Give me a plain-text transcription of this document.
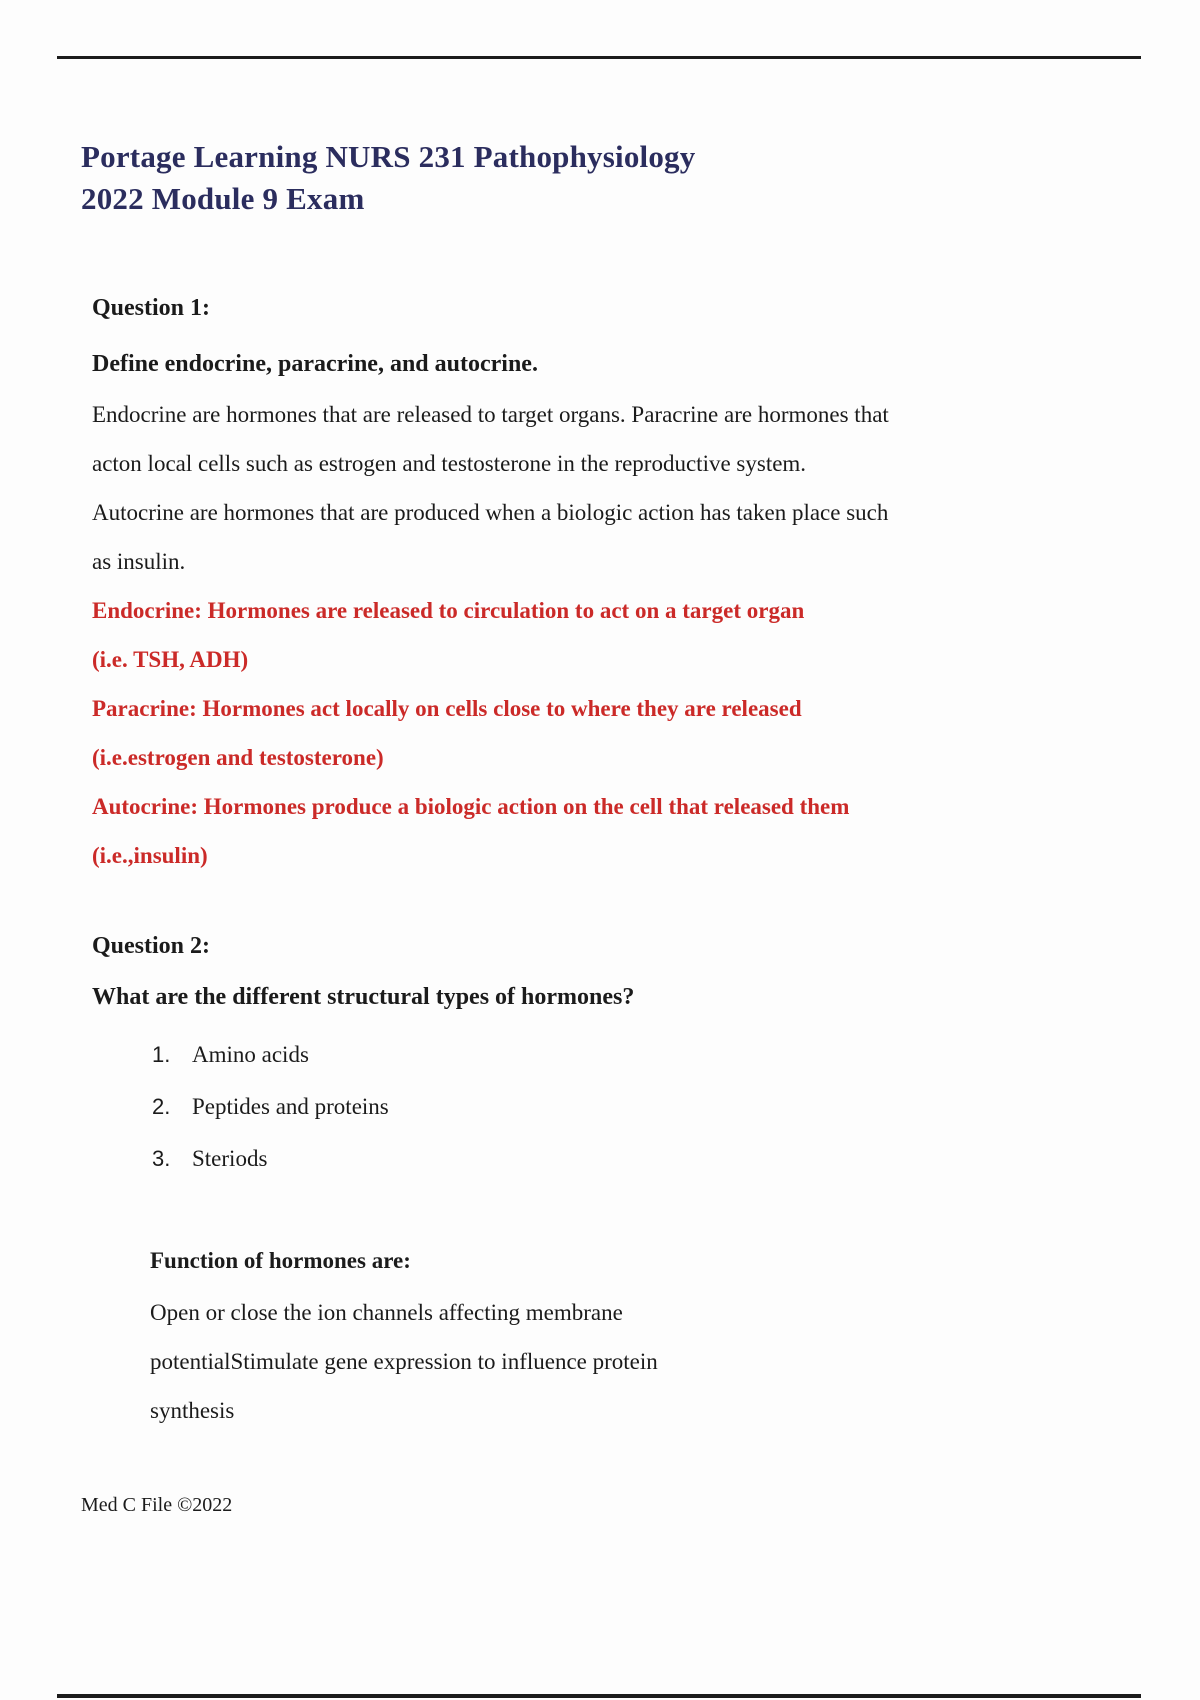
Portage Learning NURS 231 Pathophysiology
2022 Module 9 Exam
Question 1:
Define endocrine, paracrine, and autocrine.
Endocrine are hormones that are released to target organs. Paracrine are hormones that
acton local cells such as estrogen and testosterone in the reproductive system.
Autocrine are hormones that are produced when a biologic action has taken place such
as insulin.
Endocrine: Hormones are released to circulation to act on a target organ
(i.e. TSH, ADH)
Paracrine: Hormones act locally on cells close to where they are released
(i.e.estrogen and testosterone)
Autocrine: Hormones produce a biologic action on the cell that released them
(i.e.,insulin)
Question 2:
What are the different structural types of hormones?
1. Amino acids
2. Peptides and proteins
3. Steriods
Function of hormones are:
Open or close the ion channels affecting membrane
potentialStimulate gene expression to influence protein
synthesis
Med C File ©2022
